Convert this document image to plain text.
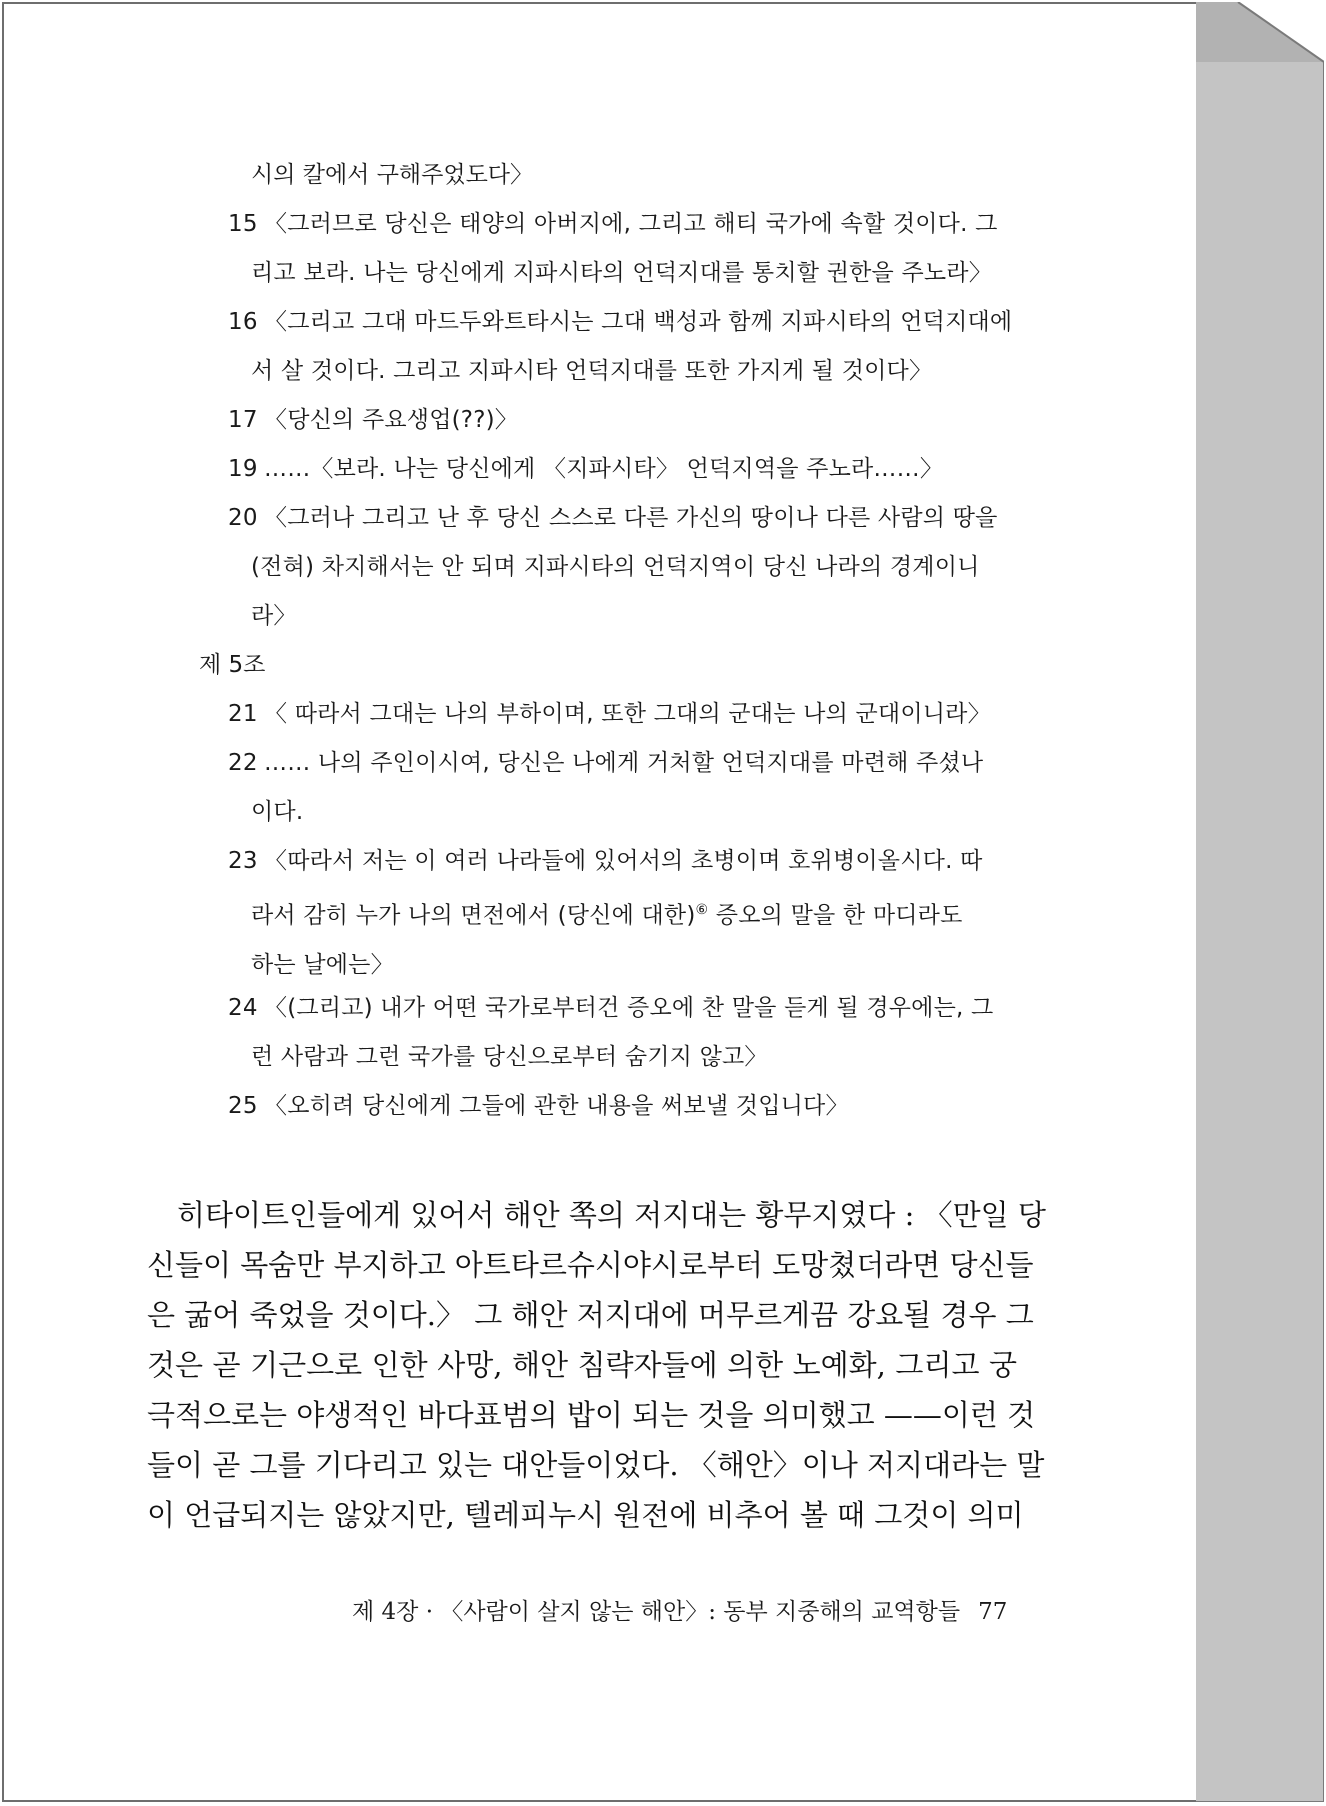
시의 칼에서 구해주었도다〉
15 〈그러므로 당신은 태양의 아버지에, 그리고 해티 국가에 속할 것이다. 그
리고 보라. 나는 당신에게 지파시타의 언덕지대를 통치할 권한을 주노라〉
16 〈그리고 그대 마드두와트타시는 그대 백성과 함께 지파시타의 언덕지대에
서 살 것이다. 그리고 지파시타 언덕지대를 또한 가지게 될 것이다〉
17 〈당신의 주요생업(??)〉
19 ……〈보라. 나는 당신에게 〈지파시타〉 언덕지역을 주노라……〉
20 〈그러나 그리고 난 후 당신 스스로 다른 가신의 땅이나 다른 사람의 땅을
(전혀) 차지해서는 안 되며 지파시타의 언덕지역이 당신 나라의 경계이니
라〉
제 5조
21 〈 따라서 그대는 나의 부하이며, 또한 그대의 군대는 나의 군대이니라〉
22 …… 나의 주인이시여, 당신은 나에게 거처할 언덕지대를 마련해 주셨나
이다.
23 〈따라서 저는 이 여러 나라들에 있어서의 초병이며 호위병이올시다. 따
라서 감히 누가 나의 면전에서 (당신에 대한)⑥ 증오의 말을 한 마디라도
하는 날에는〉
24 〈(그리고) 내가 어떤 국가로부터건 증오에 찬 말을 듣게 될 경우에는, 그
런 사람과 그런 국가를 당신으로부터 숨기지 않고〉
25 〈오히려 당신에게 그들에 관한 내용을 써보낼 것입니다〉
히타이트인들에게 있어서 해안 쪽의 저지대는 황무지였다 : 〈만일 당
신들이 목숨만 부지하고 아트타르슈시야시로부터 도망쳤더라면 당신들
은 굶어 죽었을 것이다.〉 그 해안 저지대에 머무르게끔 강요될 경우 그
것은 곧 기근으로 인한 사망, 해안 침략자들에 의한 노예화, 그리고 궁
극적으로는 야생적인 바다표범의 밥이 되는 것을 의미했고 ——이런 것
들이 곧 그를 기다리고 있는 대안들이었다. 〈해안〉이나 저지대라는 말
이 언급되지는 않았지만, 텔레피누시 원전에 비추어 볼 때 그것이 의미
제 4장 · 〈사람이 살지 않는 해안〉: 동부 지중해의 교역항들 77
